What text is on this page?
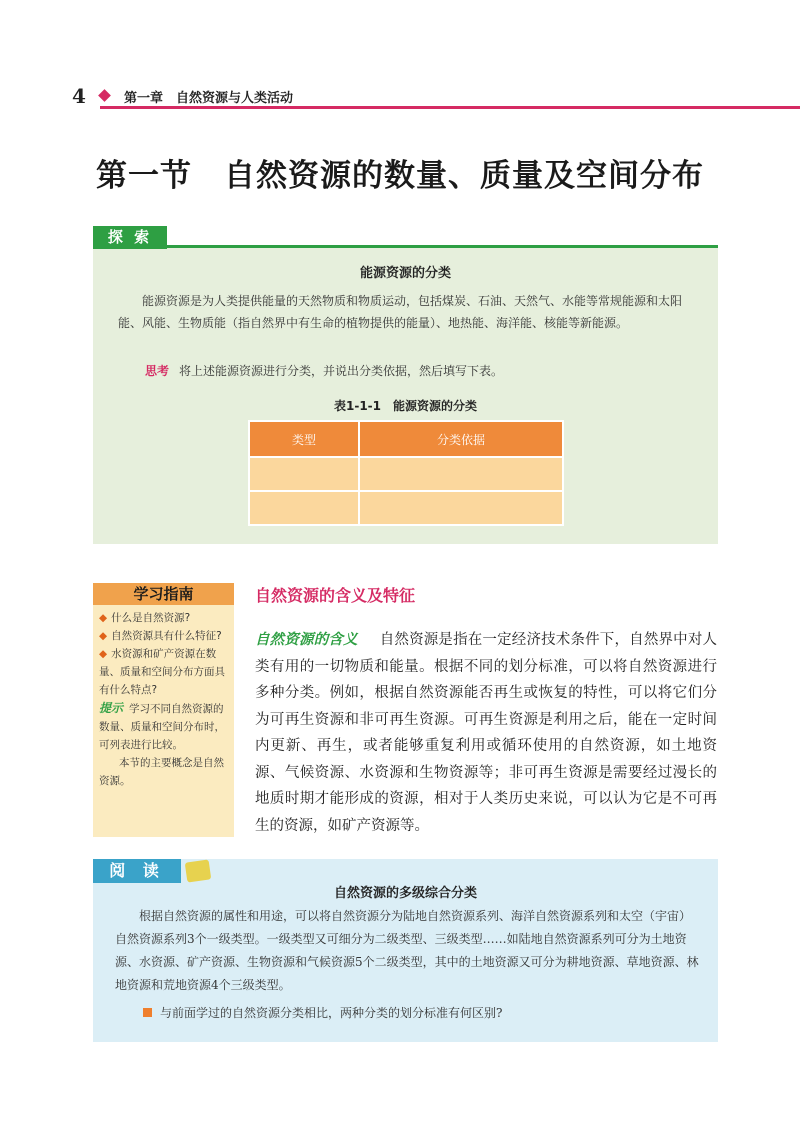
4	第一章　自然资源与人类活动
第一节　自然资源的数量、质量及空间分布
探 索
能源资源的分类
能源资源是为人类提供能量的天然物质和物质运动，包括煤炭、石油、天然气、水能等常规能源和太阳能、风能、生物质能（指自然界中有生命的植物提供的能量）、地热能、海洋能、核能等新能源。
思考 将上述能源资源进行分类，并说出分类依据，然后填写下表。
表1-1-1　能源资源的分类
类型	分类依据

学习指南

◆ 什么是自然资源?

◆ 自然资源具有什么特征?

◆ 水资源和矿产资源在数量、质量和空间分布方面具有什么特点?

提示 学习不同自然资源的数量、质量和空间分布时，可列表进行比较。

本节的主要概念是自然资源。

自然资源的含义及特征
自然资源的含义 自然资源是指在一定经济技术条件下，自然界中对人类有用的一切物质和能量。根据不同的划分标准，可以将自然资源进行多种分类。例如，根据自然资源能否再生或恢复的特性，可以将它们分为可再生资源和非可再生资源。可再生资源是利用之后，能在一定时间内更新、再生，或者能够重复利用或循环使用的自然资源，如土地资源、气候资源、水资源和生物资源等；非可再生资源是需要经过漫长的地质时期才能形成的资源，相对于人类历史来说，可以认为它是不可再生的资源，如矿产资源等。
阅 读
自然资源的多级综合分类
根据自然资源的属性和用途，可以将自然资源分为陆地自然资源系列、海洋自然资源系列和太空（宇宙）自然资源系列3个一级类型。一级类型又可细分为二级类型、三级类型……如陆地自然资源系列可分为土地资源、水资源、矿产资源、生物资源和气候资源5个二级类型，其中的土地资源又可分为耕地资源、草地资源、林地资源和荒地资源4个三级类型。
与前面学过的自然资源分类相比，两种分类的划分标准有何区别?
